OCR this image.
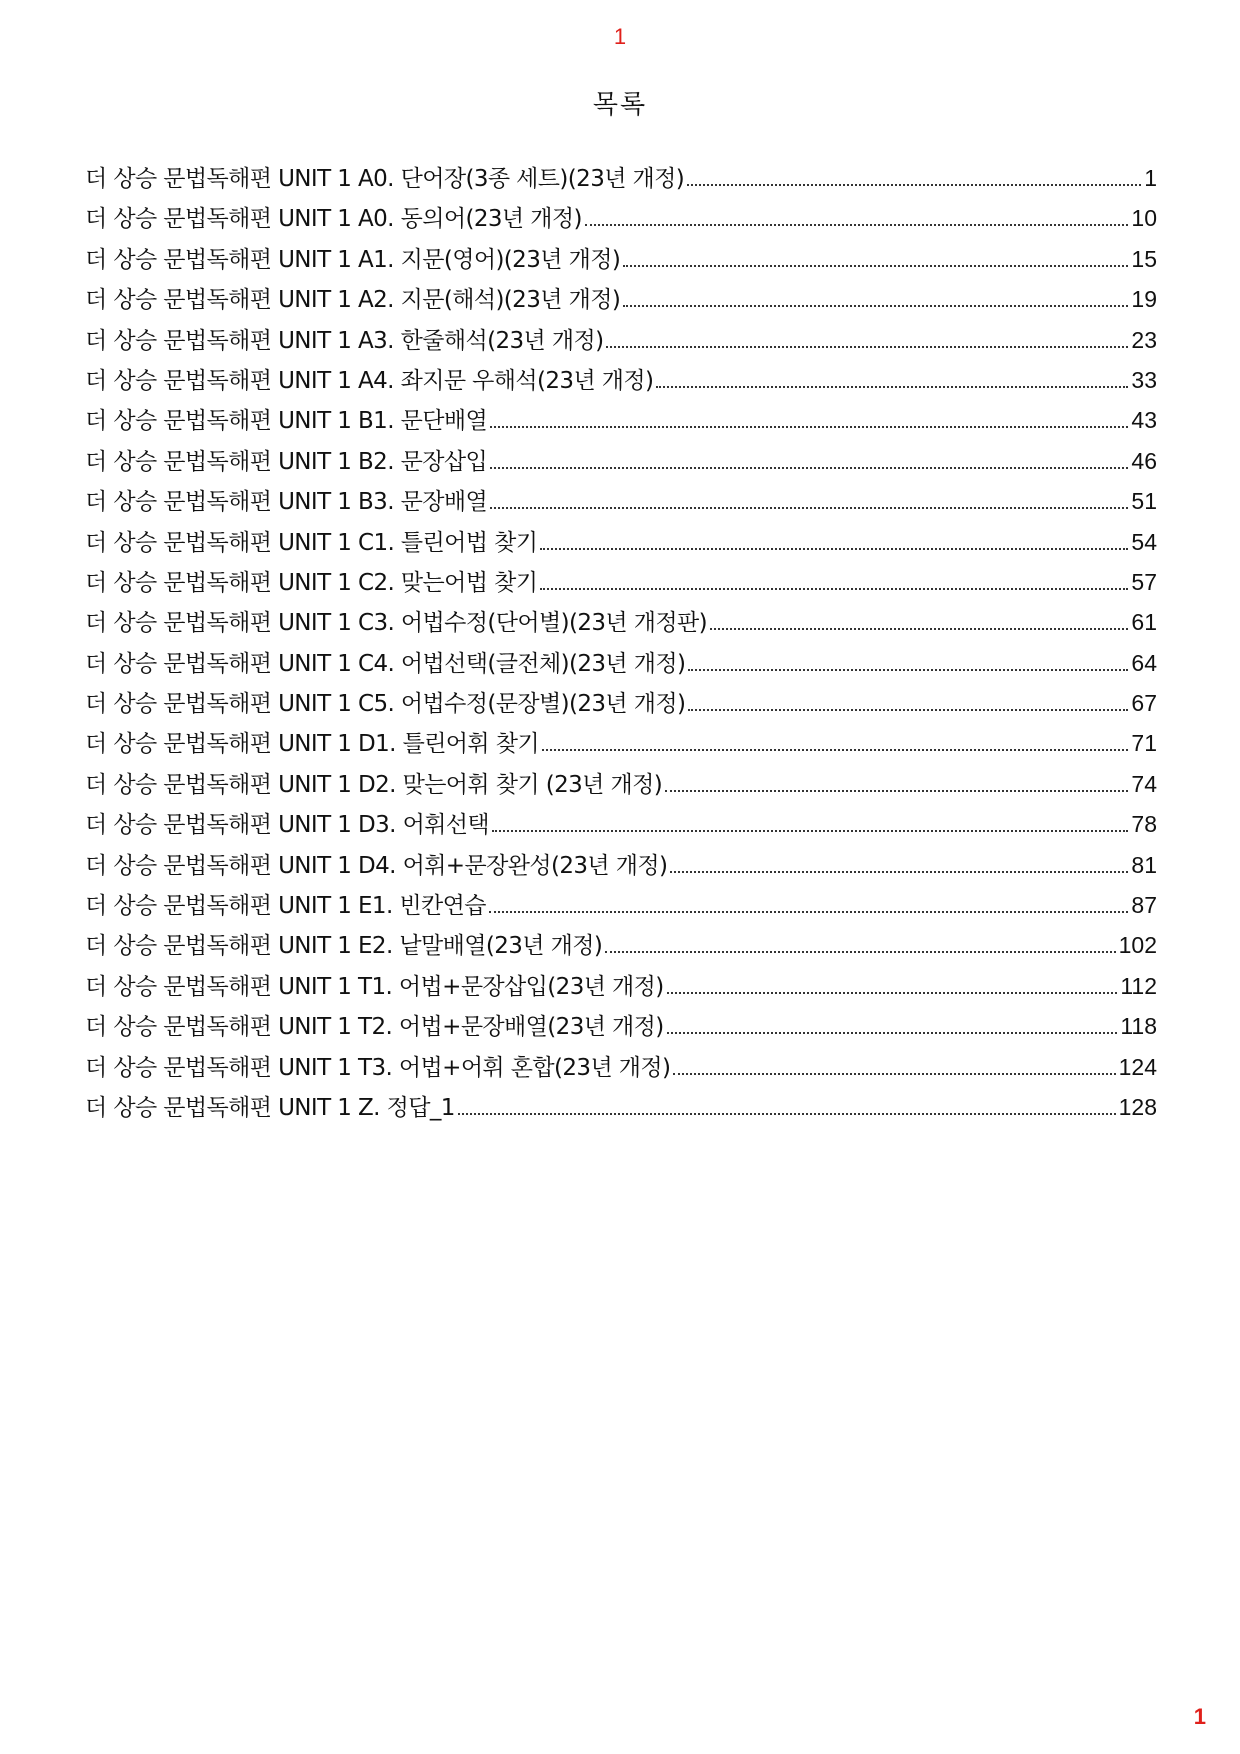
1
목록
더 상승 문법독해편 UNIT 1 A0. 단어장(3종 세트)(23년 개정)	1
더 상승 문법독해편 UNIT 1 A0. 동의어(23년 개정)	10
더 상승 문법독해편 UNIT 1 A1. 지문(영어)(23년 개정)	15
더 상승 문법독해편 UNIT 1 A2. 지문(해석)(23년 개정)	19
더 상승 문법독해편 UNIT 1 A3. 한줄해석(23년 개정)	23
더 상승 문법독해편 UNIT 1 A4. 좌지문 우해석(23년 개정)	33
더 상승 문법독해편 UNIT 1 B1. 문단배열	43
더 상승 문법독해편 UNIT 1 B2. 문장삽입	46
더 상승 문법독해편 UNIT 1 B3. 문장배열	51
더 상승 문법독해편 UNIT 1 C1. 틀린어법 찾기	54
더 상승 문법독해편 UNIT 1 C2. 맞는어법 찾기	57
더 상승 문법독해편 UNIT 1 C3. 어법수정(단어별)(23년 개정판)	61
더 상승 문법독해편 UNIT 1 C4. 어법선택(글전체)(23년 개정)	64
더 상승 문법독해편 UNIT 1 C5. 어법수정(문장별)(23년 개정)	67
더 상승 문법독해편 UNIT 1 D1. 틀린어휘 찾기	71
더 상승 문법독해편 UNIT 1 D2. 맞는어휘 찾기 (23년 개정)	74
더 상승 문법독해편 UNIT 1 D3. 어휘선택	78
더 상승 문법독해편 UNIT 1 D4. 어휘+문장완성(23년 개정)	81
더 상승 문법독해편 UNIT 1 E1. 빈칸연습	87
더 상승 문법독해편 UNIT 1 E2. 낱말배열(23년 개정)	102
더 상승 문법독해편 UNIT 1 T1. 어법+문장삽입(23년 개정)	112
더 상승 문법독해편 UNIT 1 T2. 어법+문장배열(23년 개정)	118
더 상승 문법독해편 UNIT 1 T3. 어법+어휘 혼합(23년 개정)	124
더 상승 문법독해편 UNIT 1 Z. 정답_1	128
1
